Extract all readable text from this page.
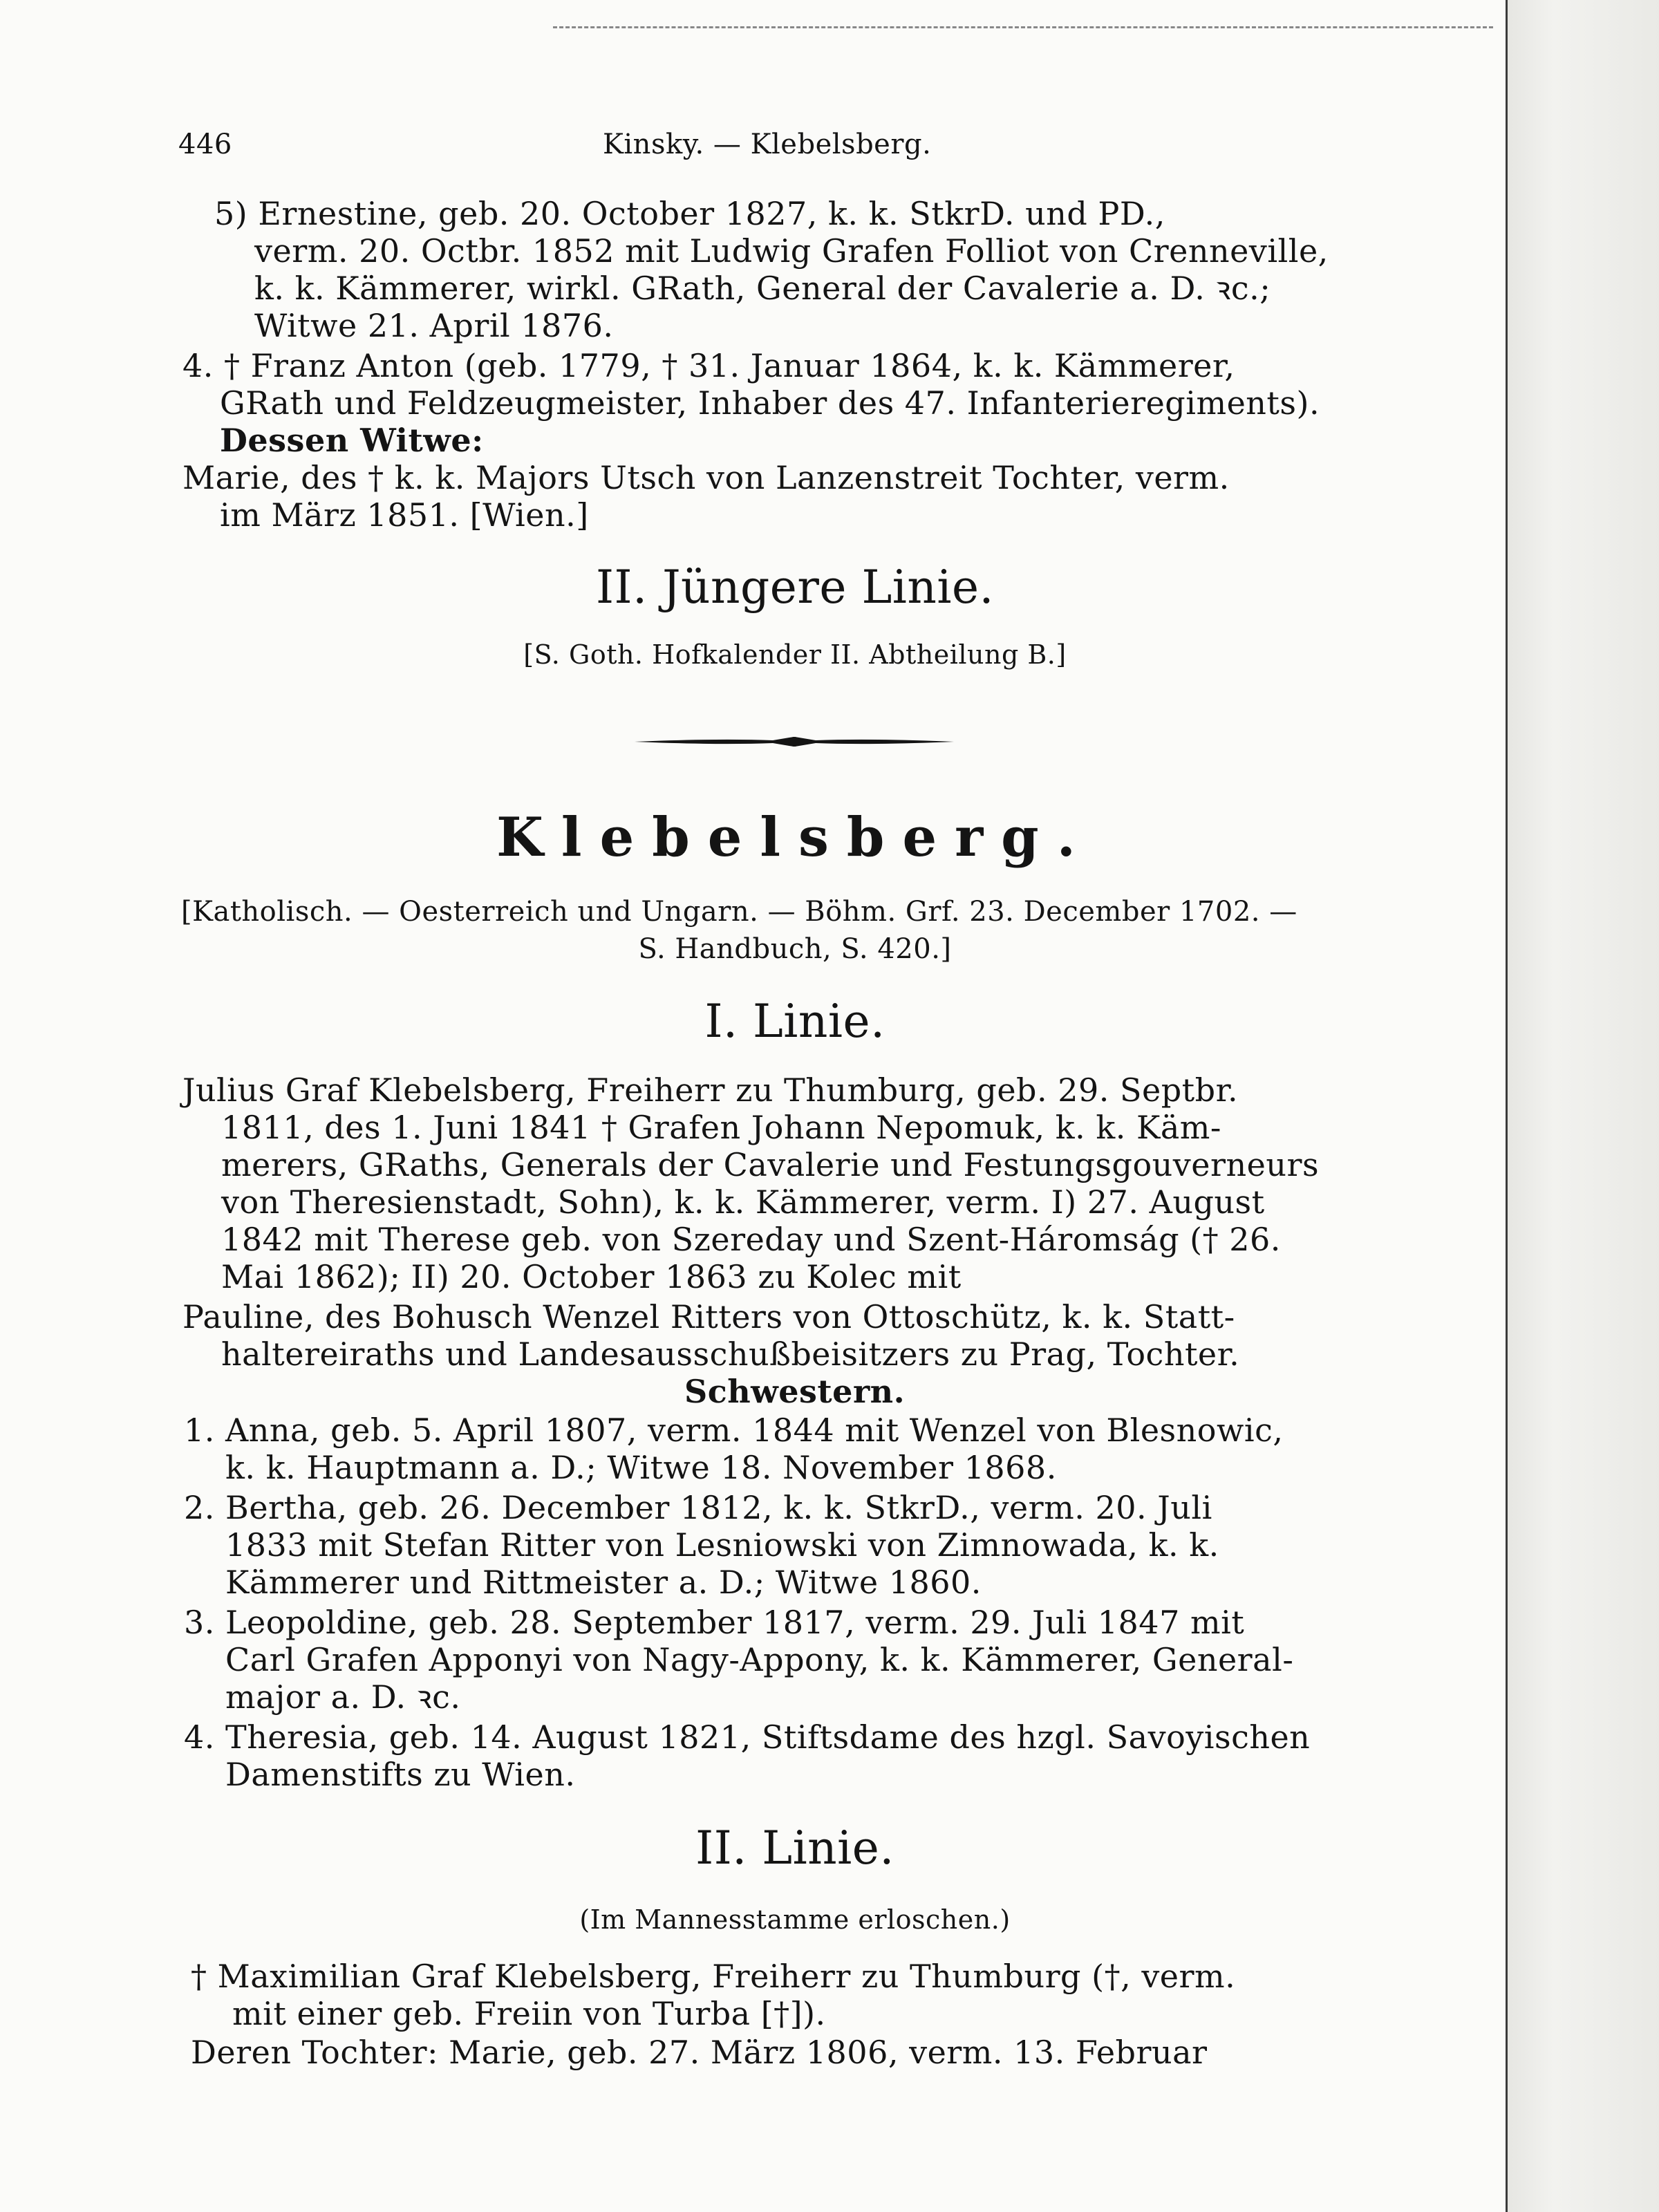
446	Kinsky. — Klebelsberg.
5) Ernestine, geb. 20. October 1827, k. k. StkrD. und PD.,
verm. 20. Octbr. 1852 mit Ludwig Grafen Folliot von Crenneville,
k. k. Kämmerer, wirkl. GRath, General der Cavalerie a. D. ꝛc.;
Witwe 21. April 1876.
4. † Franz Anton (geb. 1779, † 31. Januar 1864, k. k. Kämmerer,
GRath und Feldzeugmeister, Inhaber des 47. Infanterieregiments).
Dessen Witwe:
Marie, des † k. k. Majors Utsch von Lanzenstreit Tochter, verm.
im März 1851. [Wien.]
II. Jüngere Linie.
[S. Goth. Hofkalender II. Abtheilung B.]
Klebelsberg.
[Katholisch. — Oesterreich und Ungarn. — Böhm. Grf. 23. December 1702. —
S. Handbuch, S. 420.]
I. Linie.
Julius Graf Klebelsberg, Freiherr zu Thumburg, geb. 29. Septbr.
1811, des 1. Juni 1841 † Grafen Johann Nepomuk, k. k. Käm-
merers, GRaths, Generals der Cavalerie und Festungsgouverneurs
von Theresienstadt, Sohn), k. k. Kämmerer, verm. I) 27. August
1842 mit Therese geb. von Szereday und Szent-Háromság († 26.
Mai 1862); II) 20. October 1863 zu Kolec mit
Pauline, des Bohusch Wenzel Ritters von Ottoschütz, k. k. Statt-
haltereiraths und Landesausschußbeisitzers zu Prag, Tochter.
Schwestern.
1. Anna, geb. 5. April 1807, verm. 1844 mit Wenzel von Blesnowic,
k. k. Hauptmann a. D.; Witwe 18. November 1868.
2. Bertha, geb. 26. December 1812, k. k. StkrD., verm. 20. Juli
1833 mit Stefan Ritter von Lesniowski von Zimnowada, k. k.
Kämmerer und Rittmeister a. D.; Witwe 1860.
3. Leopoldine, geb. 28. September 1817, verm. 29. Juli 1847 mit
Carl Grafen Apponyi von Nagy-Appony, k. k. Kämmerer, General-
major a. D. ꝛc.
4. Theresia, geb. 14. August 1821, Stiftsdame des hzgl. Savoyischen
Damenstifts zu Wien.
II. Linie.
(Im Mannesstamme erloschen.)
† Maximilian Graf Klebelsberg, Freiherr zu Thumburg (†, verm.
mit einer geb. Freiin von Turba [†]).
Deren Tochter: Marie, geb. 27. März 1806, verm. 13. Februar
